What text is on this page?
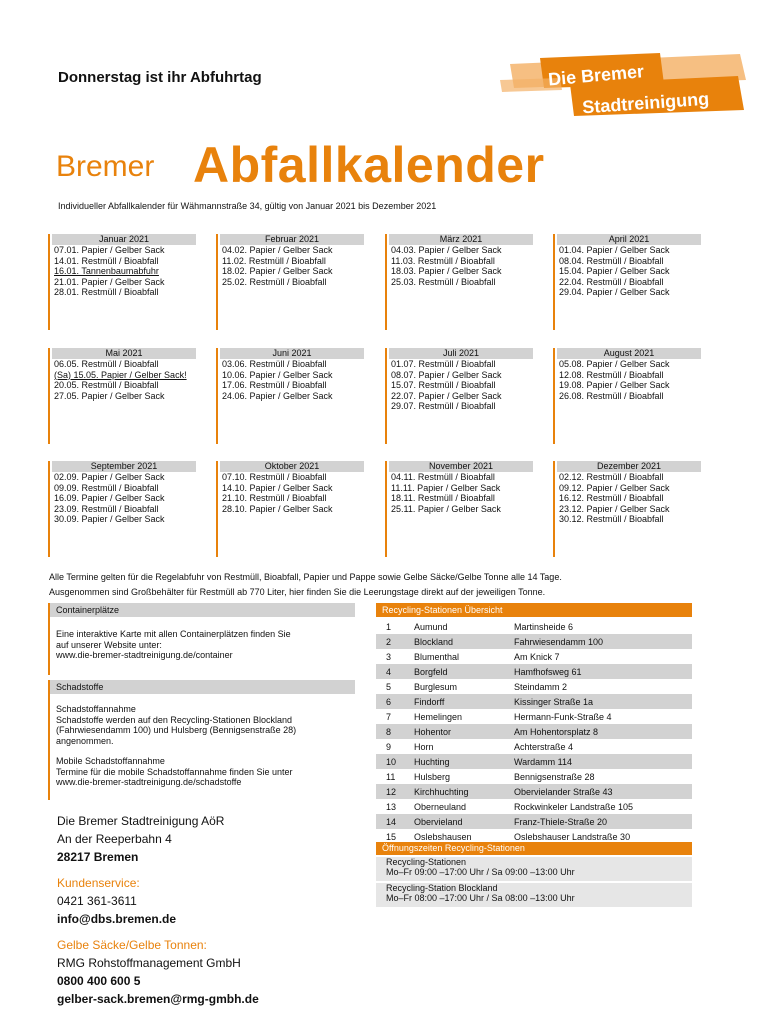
Donnerstag ist ihr Abfuhrtag	Die Bremer
Stadtreinigung
Bremer Abfallkalender
Individueller Abfallkalender für Wähmannstraße 34, gültig von Januar 2021 bis Dezember 2021
Januar 2021
07.01. Papier / Gelber Sack
14.01. Restmüll / Bioabfall
16.01. Tannenbaumabfuhr
21.01. Papier / Gelber Sack
28.01. Restmüll / Bioabfall
Februar 2021
04.02. Papier / Gelber Sack
11.02. Restmüll / Bioabfall
18.02. Papier / Gelber Sack
25.02. Restmüll / Bioabfall
März 2021
04.03. Papier / Gelber Sack
11.03. Restmüll / Bioabfall
18.03. Papier / Gelber Sack
25.03. Restmüll / Bioabfall
April 2021
01.04. Papier / Gelber Sack
08.04. Restmüll / Bioabfall
15.04. Papier / Gelber Sack
22.04. Restmüll / Bioabfall
29.04. Papier / Gelber Sack
Mai 2021
06.05. Restmüll / Bioabfall
(Sa) 15.05. Papier / Gelber Sack!
20.05. Restmüll / Bioabfall
27.05. Papier / Gelber Sack
Juni 2021
03.06. Restmüll / Bioabfall
10.06. Papier / Gelber Sack
17.06. Restmüll / Bioabfall
24.06. Papier / Gelber Sack
Juli 2021
01.07. Restmüll / Bioabfall
08.07. Papier / Gelber Sack
15.07. Restmüll / Bioabfall
22.07. Papier / Gelber Sack
29.07. Restmüll / Bioabfall
August 2021
05.08. Papier / Gelber Sack
12.08. Restmüll / Bioabfall
19.08. Papier / Gelber Sack
26.08. Restmüll / Bioabfall
September 2021
02.09. Papier / Gelber Sack
09.09. Restmüll / Bioabfall
16.09. Papier / Gelber Sack
23.09. Restmüll / Bioabfall
30.09. Papier / Gelber Sack
Oktober 2021
07.10. Restmüll / Bioabfall
14.10. Papier / Gelber Sack
21.10. Restmüll / Bioabfall
28.10. Papier / Gelber Sack
November 2021
04.11. Restmüll / Bioabfall
11.11. Papier / Gelber Sack
18.11. Restmüll / Bioabfall
25.11. Papier / Gelber Sack
Dezember 2021
02.12. Restmüll / Bioabfall
09.12. Papier / Gelber Sack
16.12. Restmüll / Bioabfall
23.12. Papier / Gelber Sack
30.12. Restmüll / Bioabfall
Alle Termine gelten für die Regelabfuhr von Restmüll, Bioabfall, Papier und Pappe sowie Gelbe Säcke/Gelbe Tonne alle 14 Tage.
Ausgenommen sind Großbehälter für Restmüll ab 770 Liter, hier finden Sie die Leerungstage direkt auf der jeweiligen Tonne.
Containerplätze
Eine interaktive Karte mit allen Containerplätzen finden Sie
auf unserer Website unter:
www.die-bremer-stadtreinigung.de/container
Schadstoffe
Schadstoffannahme
Schadstoffe werden auf den Recycling-Stationen Blockland
(Fahrwiesendamm 100) und Hulsberg (Bennigsenstraße 28)
angenommen.
Mobile Schadstoffannahme
Termine für die mobile Schadstoffannahme finden Sie unter
www.die-bremer-stadtreinigung.de/schadstoffe
Die Bremer Stadtreinigung AöR
An der Reeperbahn 4
28217 Bremen
Kundenservice:
0421 361-3611
info@dbs.bremen.de
Gelbe Säcke/Gelbe Tonnen:
RMG Rohstoffmanagement GmbH
0800 400 600 5
gelber-sack.bremen@rmg-gmbh.de
Recycling-Stationen Übersicht
1	Aumund	Martinsheide 6
2	Blockland	Fahrwiesendamm 100
3	Blumenthal	Am Knick 7
4	Borgfeld	Hamfhofsweg 61
5	Burglesum	Steindamm 2
6	Findorff	Kissinger Straße 1a
7	Hemelingen	Hermann-Funk-Straße 4
8	Hohentor	Am Hohentorsplatz 8
9	Horn	Achterstraße 4
10	Huchting	Wardamm 114
11	Hulsberg	Bennigsenstraße 28
12	Kirchhuchting	Obervielander Straße 43
13	Oberneuland	Rockwinkeler Landstraße 105
14	Obervieland	Franz-Thiele-Straße 20
15	Oslebshausen	Oslebshauser Landstraße 30
Öffnungszeiten Recycling-Stationen
Recycling-Stationen
Mo–Fr 09:00 –17:00 Uhr / Sa 09:00 –13:00 Uhr
Recycling-Station Blockland
Mo–Fr 08:00 –17:00 Uhr / Sa 08:00 –13:00 Uhr
